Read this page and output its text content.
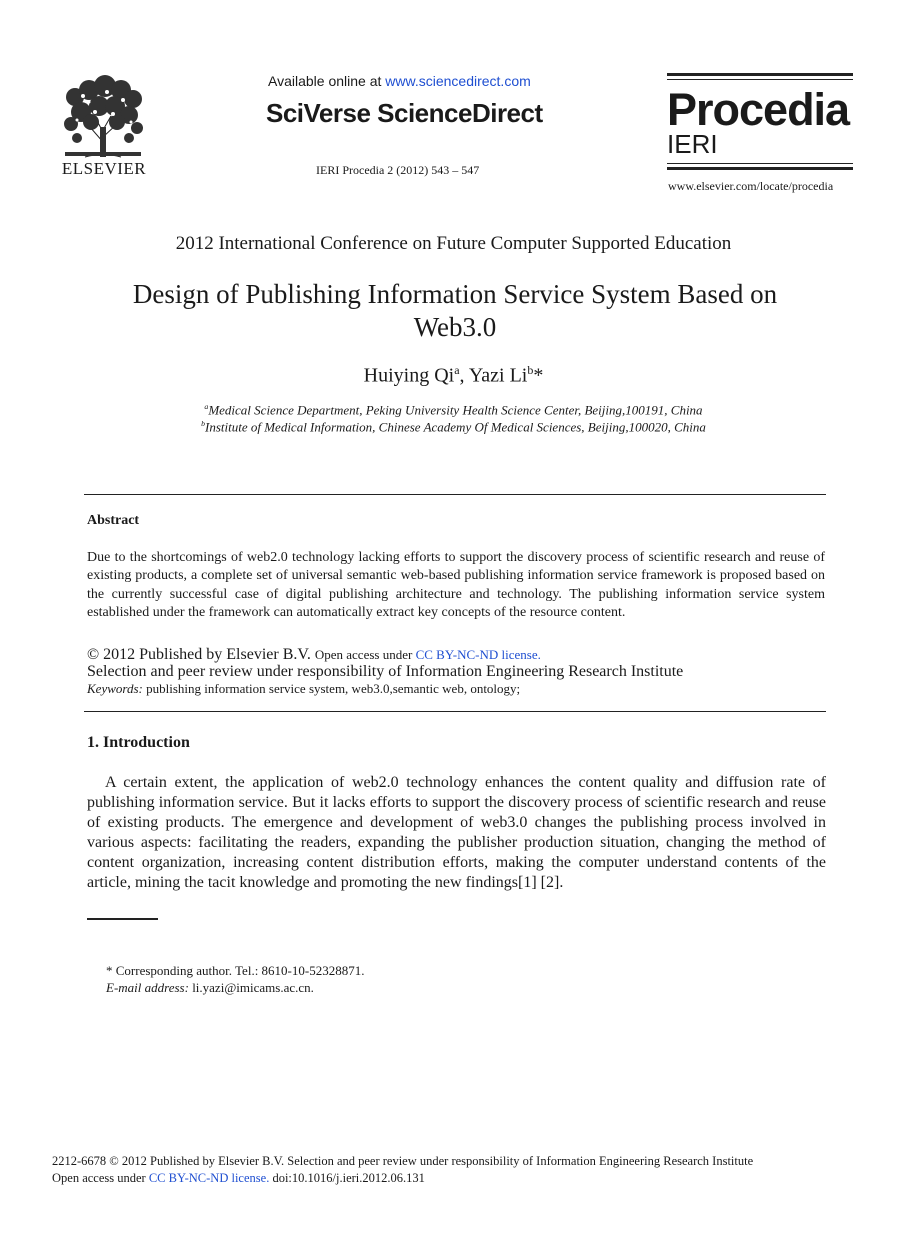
ELSEVIER
Available online at www.sciencedirect.com
SciVerse ScienceDirect
IERI Procedia 2 (2012) 543 – 547
Procedia
IERI
www.elsevier.com/locate/procedia
2012 International Conference on Future Computer Supported Education
Design of Publishing Information Service System Based on Web3.0
Huiying Qi$^a$, Yazi Li$^b$*
$^a$Medical Science Department, Peking University Health Science Center, Beijing,100191, China
$^b$Institute of Medical Information, Chinese Academy Of Medical Sciences, Beijing,100020, China
Abstract
Due to the shortcomings of web2.0 technology lacking efforts to support the discovery process of scientific research and reuse of existing products, a complete set of universal semantic web-based publishing information service framework is proposed based on the currently successful case of digital publishing architecture and technology. The publishing information service system established under the framework can automatically extract key concepts of the resource content.
© 2012 Published by Elsevier B.V. Open access under CC BY-NC-ND license.
Selection and peer review under responsibility of Information Engineering Research Institute
Keywords: publishing information service system, web3.0,semantic web, ontology;
1. Introduction
A certain extent, the application of web2.0 technology enhances the content quality and diffusion rate of publishing information service. But it lacks efforts to support the discovery process of scientific research and reuse of existing products. The emergence and development of web3.0 changes the publishing process involved in various aspects: facilitating the readers, expanding the publisher production situation, changing the method of content organization, increasing content distribution efforts, making the computer understand contents of the article, mining the tacit knowledge and promoting the new findings[1] [2].
* Corresponding author. Tel.: 8610-10-52328871.
E-mail address: li.yazi@imicams.ac.cn.
2212-6678 © 2012 Published by Elsevier B.V. Selection and peer review under responsibility of Information Engineering Research Institute
Open access under CC BY-NC-ND license. doi:10.1016/j.ieri.2012.06.131
